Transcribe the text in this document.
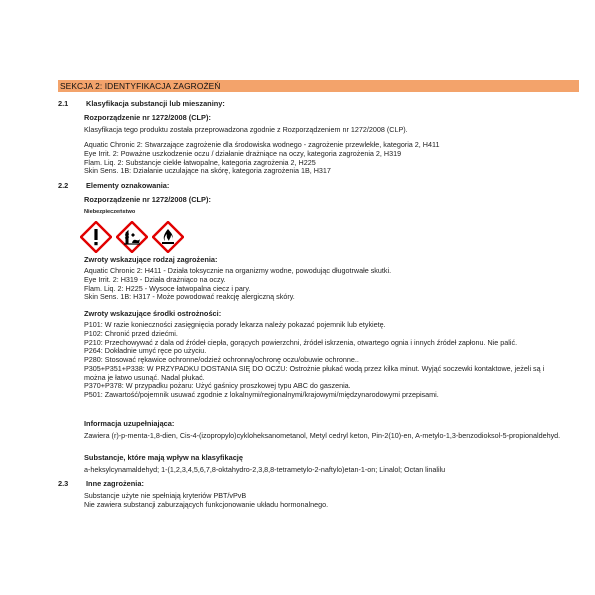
SEKCJA 2: IDENTYFIKACJA ZAGROŻEŃ
2.1 Klasyfikacja substancji lub mieszaniny:
Rozporządzenie nr 1272/2008 (CLP):
Klasyfikacja tego produktu została przeprowadzona zgodnie z Rozporządzeniem nr 1272/2008 (CLP).
Aquatic Chronic 2: Stwarzające zagrożenie dla środowiska wodnego - zagrożenie przewlekłe, kategoria 2, H411
Eye Irrit. 2: Poważne uszkodzenie oczu / działanie drażniące na oczy, kategoria zagrożenia 2, H319
Flam. Liq. 2: Substancje ciekłe łatwopalne, kategoria zagrożenia 2, H225
Skin Sens. 1B: Działanie uczulające na skórę, kategoria zagrożenia 1B, H317
2.2 Elementy oznakowania:
Rozporządzenie nr 1272/2008 (CLP):
Niebezpieczeństwo
Zwroty wskazujące rodzaj zagrożenia:
Aquatic Chronic 2: H411 - Działa toksycznie na organizmy wodne, powodując długotrwałe skutki.
Eye Irrit. 2: H319 - Działa drażniąco na oczy.
Flam. Liq. 2: H225 - Wysoce łatwopalna ciecz i pary.
Skin Sens. 1B: H317 - Może powodować reakcję alergiczną skóry.
Zwroty wskazujące środki ostrożności:
P101: W razie konieczności zasięgnięcia porady lekarza należy pokazać pojemnik lub etykietę.
P102: Chronić przed dziećmi.
P210: Przechowywać z dala od źródeł ciepła, gorących powierzchni, źródeł iskrzenia, otwartego ognia i innych źródeł zapłonu. Nie palić.
P264: Dokładnie umyć ręce po użyciu.
P280: Stosować rękawice ochronne/odzież ochronną/ochronę oczu/obuwie ochronne..
P305+P351+P338: W PRZYPADKU DOSTANIA SIĘ DO OCZU: Ostrożnie płukać wodą przez kilka minut. Wyjąć soczewki kontaktowe, jeżeli są i można je łatwo usunąć. Nadal płukać.
P370+P378: W przypadku pożaru: Użyć gaśnicy proszkowej typu ABC do gaszenia.
P501: Zawartość/pojemnik usuwać zgodnie z lokalnymi/regionalnymi/krajowymi/międzynarodowymi przepisami.
Informacja uzupełniająca:
Zawiera (r)-p-menta-1,8-dien, Cis-4-(izopropylo)cykloheksanometanol, Metyl cedryl keton, Pin-2(10)-en, A-metylo-1,3-benzodioksol-5-propionaldehyd.
Substancje, które mają wpływ na klasyfikację
a-heksylcynamaldehyd; 1-(1,2,3,4,5,6,7,8-oktahydro-2,3,8,8-tetrametylo-2-naftylo)etan-1-on; Linalol; Octan linalilu
2.3 Inne zagrożenia:
Substancje użyte nie spełniają kryteriów PBT/vPvB
Nie zawiera substancji zaburzających funkcjonowanie układu hormonalnego.
